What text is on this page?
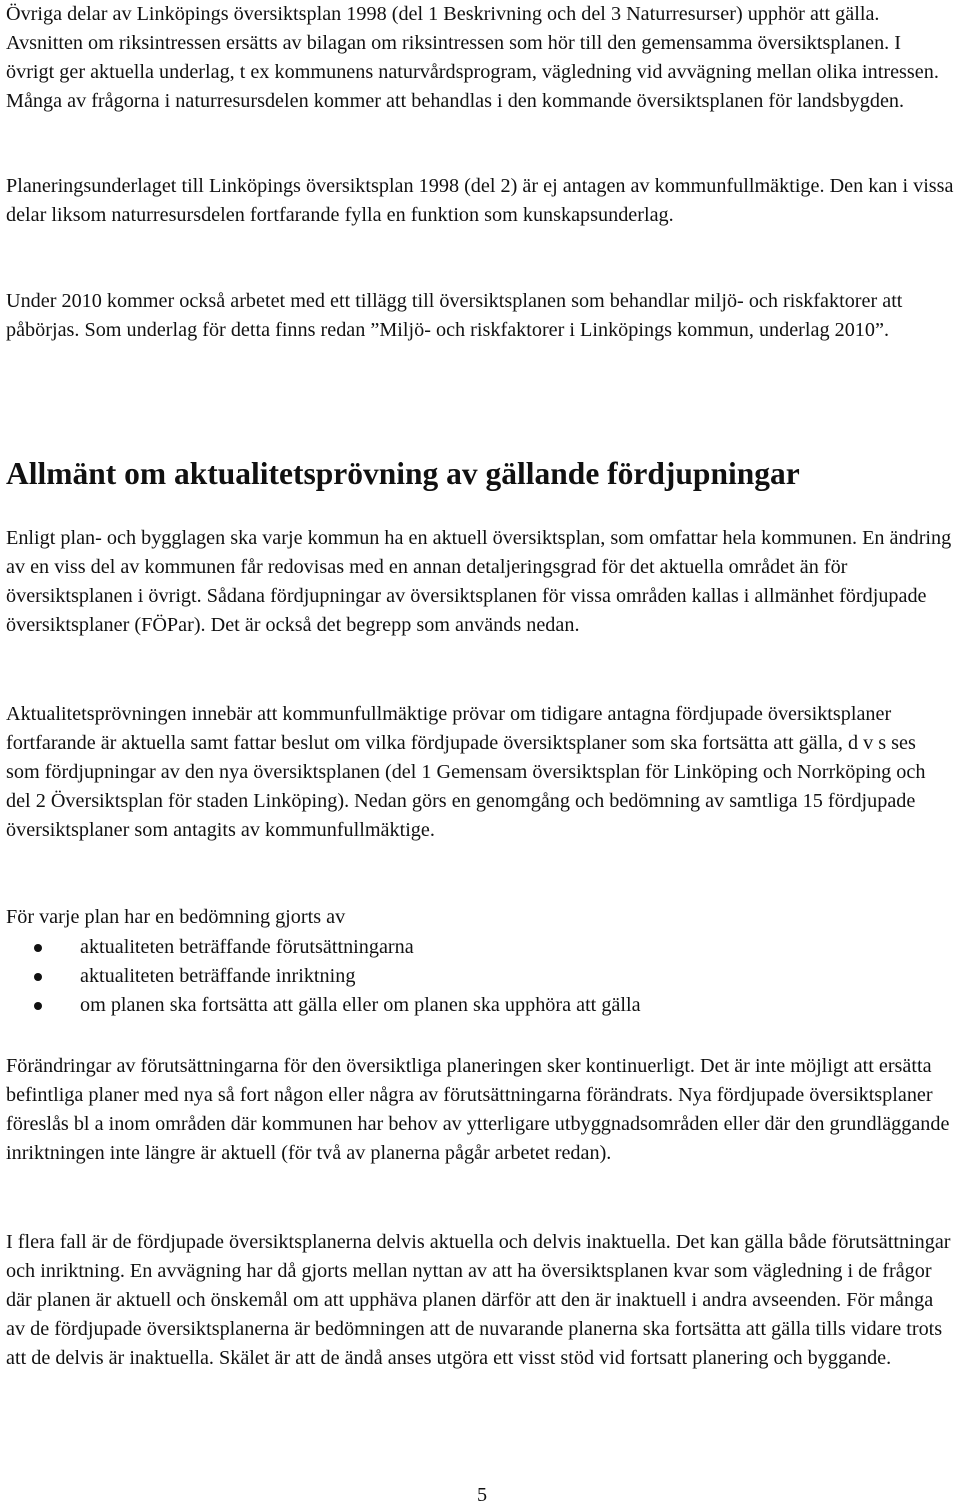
Övriga delar av Linköpings översiktsplan 1998 (del 1 Beskrivning och del 3 Naturresurser) upphör att gälla. Avsnitten om riksintressen ersätts av bilagan om riksintressen som hör till den gemensamma översiktsplanen. I övrigt ger aktuella underlag, t ex kommunens naturvårdsprogram, vägledning vid avvägning mellan olika intressen. Många av frågorna i naturresursdelen kommer att behandlas i den kommande översiktsplanen för landsbygden.

Planeringsunderlaget till Linköpings översiktsplan 1998 (del 2) är ej antagen av kommunfullmäktige. Den kan i vissa delar liksom naturresursdelen fortfarande fylla en funktion som kunskapsunderlag.

Under 2010 kommer också arbetet med ett tillägg till översiktsplanen som behandlar miljö- och riskfaktorer att påbörjas. Som underlag för detta finns redan ”Miljö- och riskfaktorer i Linköpings kommun, underlag 2010”.

Allmänt om aktualitetsprövning av gällande fördjupningar

Enligt plan- och bygglagen ska varje kommun ha en aktuell översiktsplan, som omfattar hela kommunen. En ändring av en viss del av kommunen får redovisas med en annan detaljeringsgrad för det aktuella området än för översiktsplanen i övrigt. Sådana fördjupningar av översiktsplanen för vissa områden kallas i allmänhet fördjupade översiktsplaner (FÖPar). Det är också det begrepp som används nedan.

Aktualitetsprövningen innebär att kommunfullmäktige prövar om tidigare antagna fördjupade översiktsplaner fortfarande är aktuella samt fattar beslut om vilka fördjupade översiktsplaner som ska fortsätta att gälla, d v s ses som fördjupningar av den nya översiktsplanen (del 1 Gemensam översiktsplan för Linköping och Norrköping och del 2 Översiktsplan för staden Linköping). Nedan görs en genomgång och bedömning av samtliga 15 fördjupade översiktsplaner som antagits av kommunfullmäktige.

För varje plan har en bedömning gjorts av

aktualiteten beträffande förutsättningarna
aktualiteten beträffande inriktning
om planen ska fortsätta att gälla eller om planen ska upphöra att gälla

Förändringar av förutsättningarna för den översiktliga planeringen sker kontinuerligt. Det är inte möjligt att ersätta befintliga planer med nya så fort någon eller några av förutsättningarna förändrats. Nya fördjupade översiktsplaner föreslås bl a inom områden där kommunen har behov av ytterligare utbyggnadsområden eller där den grundläggande inriktningen inte längre är aktuell (för två av planerna pågår arbetet redan).

I flera fall är de fördjupade översiktsplanerna delvis aktuella och delvis inaktuella. Det kan gälla både förutsättningar och inriktning. En avvägning har då gjorts mellan nyttan av att ha översiktsplanen kvar som vägledning i de frågor där planen är aktuell och önskemål om att upphäva planen därför att den är inaktuell i andra avseenden. För många av de fördjupade översiktsplanerna är bedömningen att de nuvarande planerna ska fortsätta att gälla tills vidare trots att de delvis är inaktuella. Skälet är att de ändå anses utgöra ett visst stöd vid fortsatt planering och byggande.

5
